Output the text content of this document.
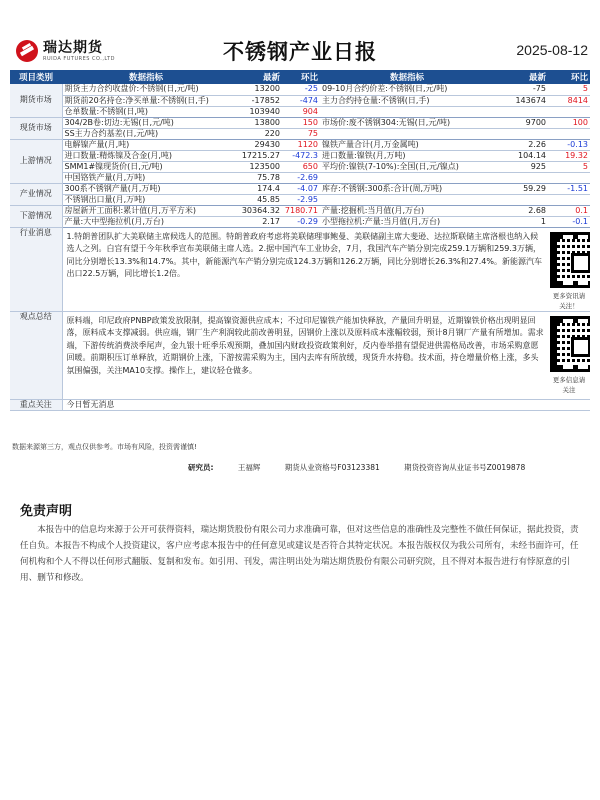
瑞达期货
RUIDA FUTURES CO.,LTD	不锈钢产业日报	2025-08-12
项目类别	数据指标	最新	环比	数据指标	最新	环比
期货市场	期货主力合约收盘价:不锈钢(日,元/吨)	13200	-25	09-10月合约价差:不锈钢(日,元/吨)	-75	5
	期货前20名持仓:净买单量:不锈钢(日,手)	-17852	-474	主力合约持仓量:不锈钢(日,手)	143674	8414
	仓单数量:不锈钢(日,吨)	103940	904			
现货市场	304/2B卷:切边:无锡(日,元/吨)	13800	150	市场价:废不锈钢304:无锡(日,元/吨)	9700	100
	SS主力合约基差(日,元/吨)	220	75			
上游情况	电解镍产量(月,吨)	29430	1120	镍铁产量合计(月,万金属吨)	2.26	-0.13
	进口数量:精炼镍及合金(月,吨)	17215.27	-472.3	进口数量:镍铁(月,万吨)	104.14	19.32
	SMM1#镍现货价(日,元/吨)	123500	650	平均价:镍铁(7-10%):全国(日,元/镍点)	925	5
	中国铬铁产量(月,万吨)	75.78	-2.69			
产业情况	300系不锈钢产量(月,万吨)	174.4	-4.07	库存:不锈钢:300系:合计(周,万吨)	59.29	-1.51
	不锈钢出口量(月,万吨)	45.85	-2.95			
下游情况	房屋新开工面积:累计值(月,万平方米)	30364.32	7180.71	产量:挖掘机:当月值(月,万台)	2.68	0.1
	产量:大中型拖拉机(月,万台)	2.17	-0.29	小型拖拉机:产量:当月值(月,万台)	1	-0.1
行业消息	1.特朗普团队扩大美联储主席候选人的范围。特朗普政府考虑将美联储理事鲍曼、美联储副主席大斐逊、达拉斯联储主席洛根也纳入候选人之列。白宫有望于今年秋季宣布美联储主席人选。2.据中国汽车工业协会，7月，我国汽车产销分别完成259.1万辆和259.3万辆，同比分别增长13.3%和14.7%。其中，新能源汽车产销分别完成124.3万辆和126.2万辆，同比分别增长26.3%和27.4%。新能源汽车出口22.5万辆，同比增长1.2倍。					更多资讯请关注！

观点总结	原料端，印尼政府PNBP政策发放限制，提高镍资源供应成本；不过印尼镍铁产能加快释放，产量回升明显，近期镍铁价格出现明显回落，原料成本支撑减弱。供应端，钢厂生产利润较此前改善明显，因钢价上涨以及原料成本涨幅较弱，预计8月钢厂产量有所增加。需求端，下游传统消费淡季尾声，金九银十旺季乐观预期，叠加国内财政投资政策利好，反内卷举措有望促进供需格局改善，市场采购意愿回暖。前期积压订单释放，近期钢价上涨，下游按需采购为主，国内去库有所放缓，现货升水持稳。技术面，持仓增量价格上涨，多头氛围偏强，关注MA10支撑。操作上，建议轻仓做多。					更多信息请关注

重点关注	今日暂无消息					
数据来源第三方，观点仅供参考。市场有风险，投资需谨慎!
研究员:	王福辉	期货从业资格号F03123381	期货投资咨询从业证书号Z0019878
免责声明
本报告中的信息均来源于公开可获得资料，瑞达期货股份有限公司力求准确可靠，但对这些信息的准确性及完整性不做任何保证，据此投资，责任自负。本报告不构成个人投资建议，客户应考虑本报告中的任何意见或建议是否符合其特定状况。本报告版权仅为我公司所有，未经书面许可，任何机构和个人不得以任何形式翻版、复制和发布。如引用、刊发，需注明出处为瑞达期货股份有限公司研究院，且不得对本报告进行有悖原意的引用、删节和修改。
